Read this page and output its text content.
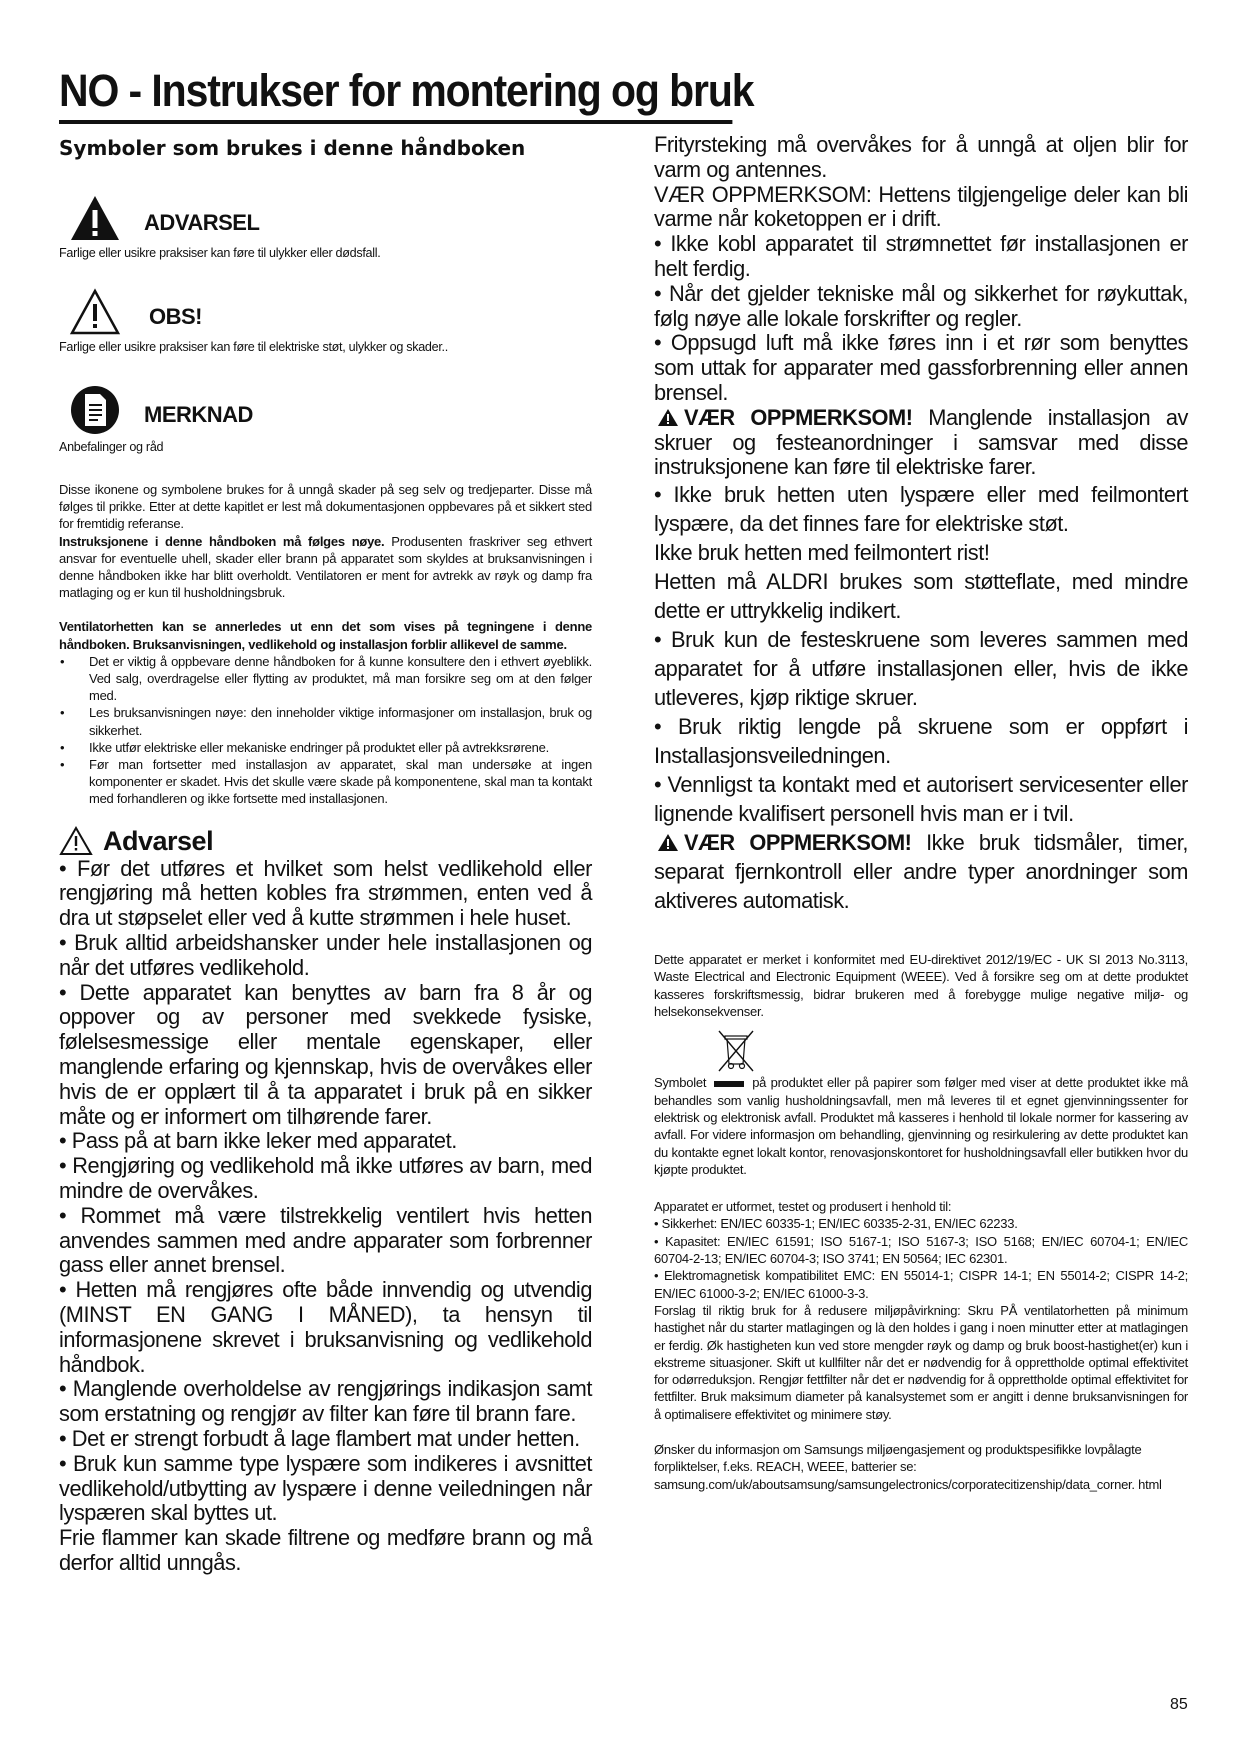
NO - Instrukser for montering og bruk
Symboler som brukes i denne håndboken
ADVARSEL
Farlige eller usikre praksiser kan føre til ulykker eller dødsfall.
OBS!
Farlige eller usikre praksiser kan føre til elektriske støt, ulykker og skader..
MERKNAD
Anbefalinger og råd

Disse ikonene og symbolene brukes for å unngå skader på seg selv og tredjeparter. Disse må følges til prikke. Etter at dette kapitlet er lest må dokumentasjonen oppbevares på et sikkert sted for fremtidig referanse.
Instruksjonene i denne håndboken må følges nøye. Produsenten fraskriver seg ethvert ansvar for eventuelle uhell, skader eller brann på apparatet som skyldes at bruksanvisningen i denne håndboken ikke har blitt overholdt. Ventilatoren er ment for avtrekk av røyk og damp fra matlaging og er kun til husholdningsbruk.

Ventilatorhetten kan se annerledes ut enn det som vises på tegningene i denne håndboken. Bruksanvisningen, vedlikehold og installasjon forblir allikevel de samme.

• Det er viktig å oppbevare denne håndboken for å kunne konsultere den i ethvert øyeblikk. Ved salg, overdragelse eller flytting av produktet, må man forsikre seg om at den følger med.
• Les bruksanvisningen nøye: den inneholder viktige informasjoner om installasjon, bruk og sikkerhet.
• Ikke utfør elektriske eller mekaniske endringer på produktet eller på avtrekksrørene.
• Før man fortsetter med installasjon av apparatet, skal man undersøke at ingen komponenter er skadet. Hvis det skulle være skade på komponentene, skal man ta kontakt med forhandleren og ikke fortsette med installasjonen.
Advarsel

• Før det utføres et hvilket som helst vedlikehold eller rengjøring må hetten kobles fra strømmen, enten ved å dra ut støpselet eller ved å kutte strømmen i hele huset.

• Bruk alltid arbeidshansker under hele installasjonen og når det utføres vedlikehold.

• Dette apparatet kan benyttes av barn fra 8 år og oppover og av personer med svekkede fysiske, følelsesmessige eller mentale egenskaper, eller manglende erfaring og kjennskap, hvis de overvåkes eller hvis de er opplært til å ta apparatet i bruk på en sikker måte og er informert om tilhørende farer.

• Pass på at barn ikke leker med apparatet.

• Rengjøring og vedlikehold må ikke utføres av barn, med mindre de overvåkes.

• Rommet må være tilstrekkelig ventilert hvis hetten anvendes sammen med andre apparater som forbrenner gass eller annet brensel.

• Hetten må rengjøres ofte både innvendig og utvendig (MINST EN GANG I MÅNED), ta hensyn til informasjonene skrevet i bruksanvisning og vedlikehold håndbok.

• Manglende overholdelse av rengjørings indikasjon samt som erstatning og rengjør av filter kan føre til brann fare.

• Det er strengt forbudt å lage flambert mat under hetten.

• Bruk kun samme type lyspære som indikeres i avsnittet vedlikehold/utbytting av lyspære i denne veiledningen når lyspæren skal byttes ut.

Frie flammer kan skade filtrene og medføre brann og må derfor alltid unngås.

Frityrsteking må overvåkes for å unngå at oljen blir for varm og antennes.

VÆR OPPMERKSOM: Hettens tilgjengelige deler kan bli varme når koketoppen er i drift.

• Ikke kobl apparatet til strømnettet før installasjonen er helt ferdig.

• Når det gjelder tekniske mål og sikkerhet for røykuttak, følg nøye alle lokale forskrifter og regler.

• Oppsugd luft må ikke føres inn i et rør som benyttes som uttak for apparater med gassforbrenning eller annen brensel.

VÆR OPPMERKSOM! Manglende installasjon av skruer og festeanordninger i samsvar med disse instruksjonene kan føre til elektriske farer.

• Ikke bruk hetten uten lyspære eller med feilmontert lyspære, da det finnes fare for elektriske støt.

Ikke bruk hetten med feilmontert rist!

Hetten må ALDRI brukes som støtteflate, med mindre dette er uttrykkelig indikert.

• Bruk kun de festeskruene som leveres sammen med apparatet for å utføre installasjonen eller, hvis de ikke utleveres, kjøp riktige skruer.

• Bruk riktig lengde på skruene som er oppført i Installasjonsveiledningen.

• Vennligst ta kontakt med et autorisert servicesenter eller lignende kvalifisert personell hvis man er i tvil.

VÆR OPPMERKSOM! Ikke bruk tidsmåler, timer, separat fjernkontroll eller andre typer anordninger som aktiveres automatisk.

Dette apparatet er merket i konformitet med EU-direktivet 2012/19/EC - UK SI 2013 No.3113, Waste Electrical and Electronic Equipment (WEEE). Ved å forsikre seg om at dette produktet kasseres forskriftsmessig, bidrar brukeren med å forebygge mulige negative miljø- og helsekonsekvenser.

Symbolet	på produktet eller på papirer som følger med viser at dette produktet ikke må behandles som vanlig husholdningsavfall, men må leveres til et egnet gjenvinningssenter for elektrisk og elektronisk avfall. Produktet må kasseres i henhold til lokale normer for kassering av avfall. For videre informasjon om behandling, gjenvinning og resirkulering av dette produktet kan du kontakte egnet lokalt kontor, renovasjonskontoret for husholdningsavfall eller butikken hvor du kjøpte produktet.

Apparatet er utformet, testet og produsert i henhold til:

• Sikkerhet: EN/IEC 60335-1; EN/IEC 60335-2-31, EN/IEC 62233.

• Kapasitet: EN/IEC 61591; ISO 5167-1; ISO 5167-3; ISO 5168; EN/IEC 60704-1; EN/IEC 60704-2-13; EN/IEC 60704-3; ISO 3741; EN 50564; IEC 62301.

• Elektromagnetisk kompatibilitet EMC: EN 55014-1; CISPR 14-1; EN 55014-2; CISPR 14-2; EN/IEC 61000-3-2; EN/IEC 61000-3-3.

Forslag til riktig bruk for å redusere miljøpåvirkning: Skru PÅ ventilatorhetten på minimum hastighet når du starter matlagingen og là den holdes i gang i noen minutter etter at matlagingen er ferdig. Øk hastigheten kun ved store mengder røyk og damp og bruk boost-hastighet(er) kun i ekstreme situasjoner. Skift ut kullfilter når det er nødvendig for å opprettholde optimal effektivitet for odørreduksjon. Rengjør fettfilter når det er nødvendig for å opprettholde optimal effektivitet for fettfilter. Bruk maksimum diameter på kanalsystemet som er angitt i denne bruksanvisningen for å optimalisere effektivitet og minimere støy.

Ønsker du informasjon om Samsungs miljøengasjement og produktspesifikke lovpålagte forpliktelser, f.eks. REACH, WEEE, batterier se: samsung.com/uk/aboutsamsung/samsungelectronics/corporatecitizenship/data_corner. html

85
